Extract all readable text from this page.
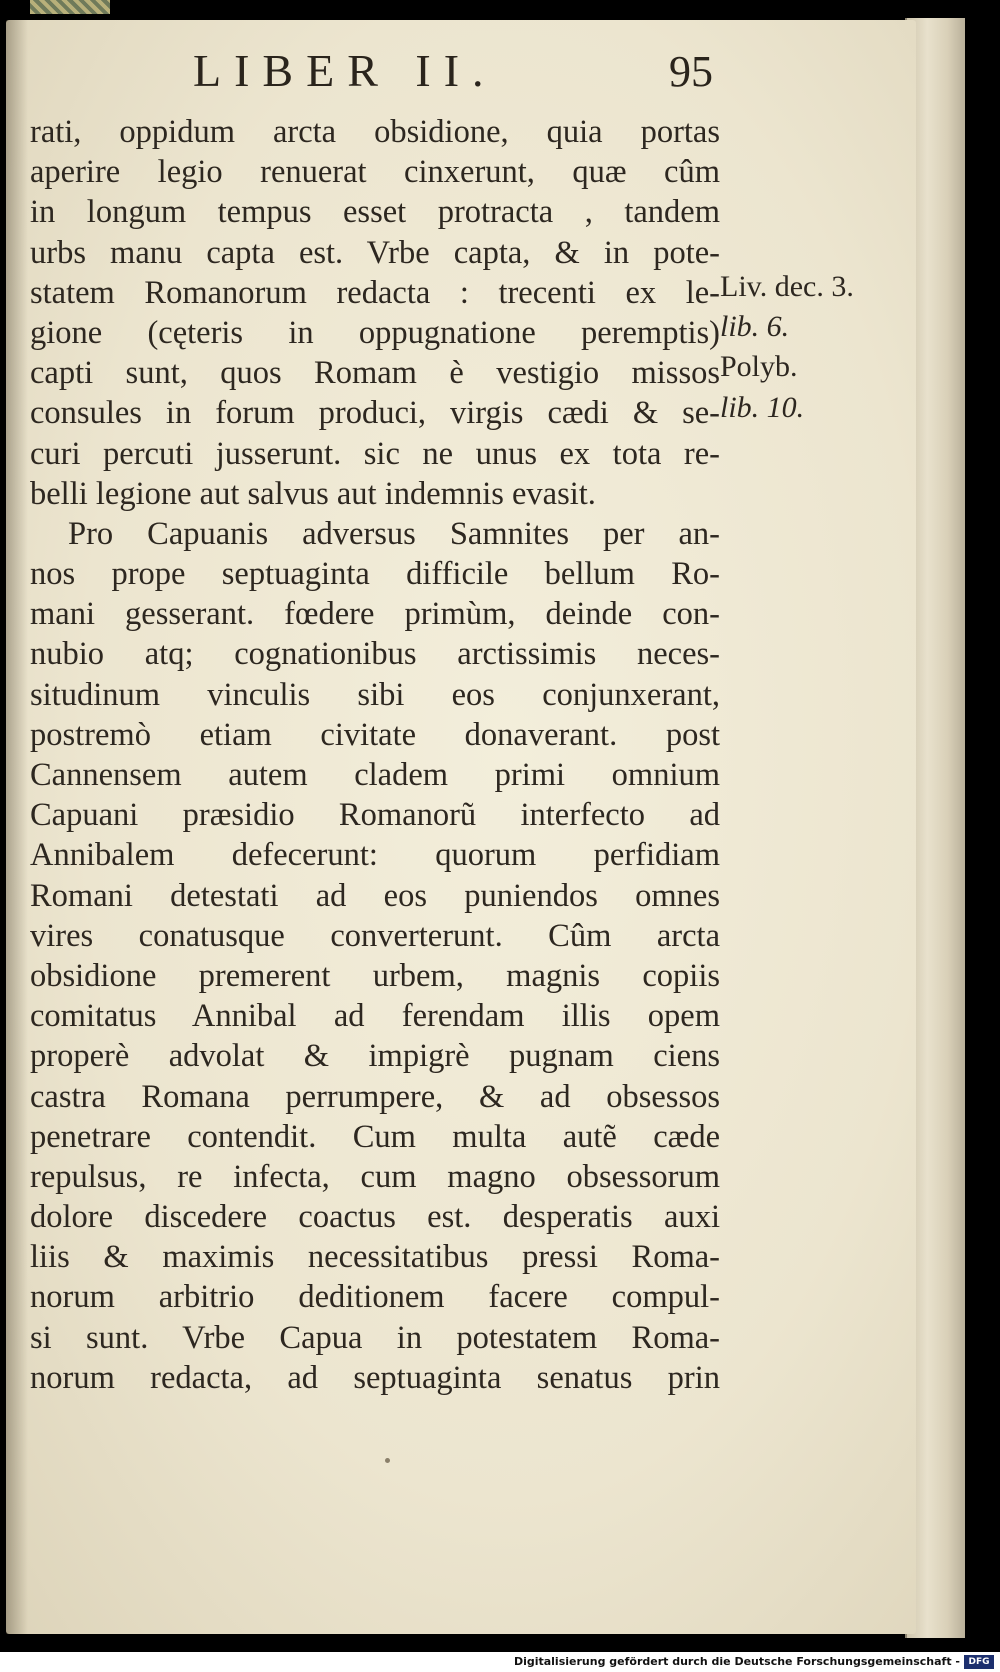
LIBER II.	95
rati, oppidum arcta obsidione, quia portas
aperire legio renuerat cinxerunt, quæ cûm
in longum tempus esset protracta , tandem
urbs manu capta est. Vrbe capta, & in pote-
statem Romanorum redacta : trecenti ex le-
gione (cęteris in oppugnatione peremptis)
capti sunt, quos Romam è vestigio missos
consules in forum produci, virgis cædi & se-
curi percuti jusserunt. sic ne unus ex tota re-
belli legione aut salvus aut indemnis evasit.
Pro Capuanis adversus Samnites per an-
nos prope septuaginta difficile bellum Ro-
mani gesserant. fœdere primùm, deinde con-
nubio atq; cognationibus arctissimis neces-
situdinum vinculis sibi eos conjunxerant,
postremò etiam civitate donaverant. post
Cannensem autem cladem primi omnium
Capuani præsidio Romanorũ interfecto ad
Annibalem defecerunt: quorum perfidiam
Romani detestati ad eos puniendos omnes
vires conatusque converterunt. Cûm arcta
obsidione premerent urbem, magnis copiis
comitatus Annibal ad ferendam illis opem
properè advolat & impigrè pugnam ciens
castra Romana perrumpere, & ad obsessos
penetrare contendit. Cum multa autẽ cæde
repulsus, re infecta, cum magno obsessorum
dolore discedere coactus est. desperatis auxi
liis & maximis necessitatibus pressi Roma-
norum arbitrio deditionem facere compul-
si sunt. Vrbe Capua in potestatem Roma-
norum redacta, ad septuaginta senatus prin
Liv. dec. 3.
lib. 6.
Polyb.
lib. 10.
Digitalisierung gefördert durch die Deutsche Forschungsgemeinschaft - DFG
